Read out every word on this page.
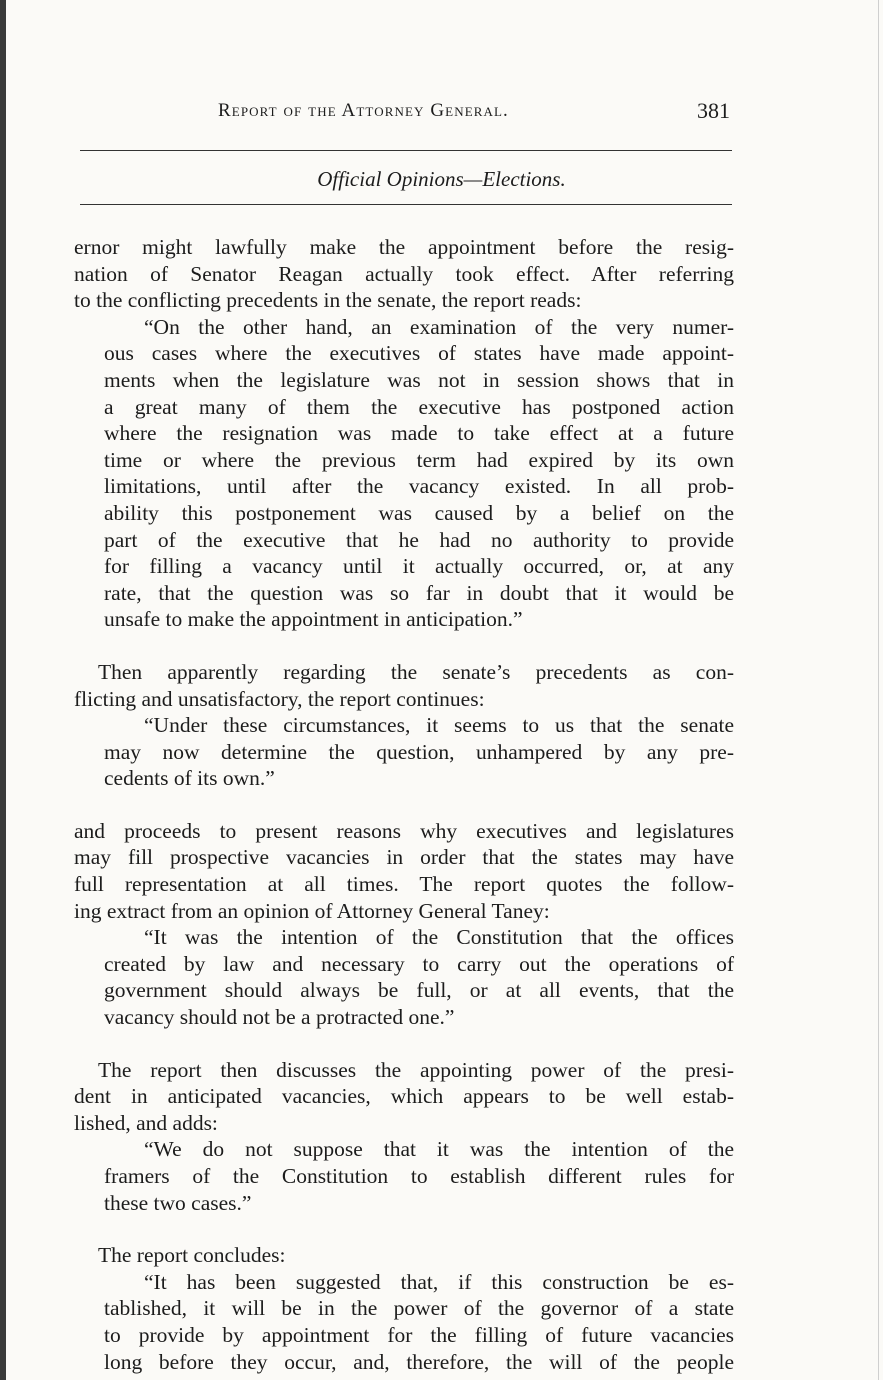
Report of the Attorney General.	381
Official Opinions—Elections.
ernor might lawfully make the appointment before the resig-
nation of Senator Reagan actually took effect. After referring
to the conflicting precedents in the senate, the report reads:
“On the other hand, an examination of the very numer-
ous cases where the executives of states have made appoint-
ments when the legislature was not in session shows that in
a great many of them the executive has postponed action
where the resignation was made to take effect at a future
time or where the previous term had expired by its own
limitations, until after the vacancy existed. In all prob-
ability this postponement was caused by a belief on the
part of the executive that he had no authority to provide
for filling a vacancy until it actually occurred, or, at any
rate, that the question was so far in doubt that it would be
unsafe to make the appointment in anticipation.”
Then apparently regarding the senate’s precedents as con-
flicting and unsatisfactory, the report continues:
“Under these circumstances, it seems to us that the senate
may now determine the question, unhampered by any pre-
cedents of its own.”
and proceeds to present reasons why executives and legislatures
may fill prospective vacancies in order that the states may have
full representation at all times. The report quotes the follow-
ing extract from an opinion of Attorney General Taney:
“It was the intention of the Constitution that the offices
created by law and necessary to carry out the operations of
government should always be full, or at all events, that the
vacancy should not be a protracted one.”
The report then discusses the appointing power of the presi-
dent in anticipated vacancies, which appears to be well estab-
lished, and adds:
“We do not suppose that it was the intention of the
framers of the Constitution to establish different rules for
these two cases.”
The report concludes:
“It has been suggested that, if this construction be es-
tablished, it will be in the power of the governor of a state
to provide by appointment for the filling of future vacancies
long before they occur, and, therefore, the will of the people
